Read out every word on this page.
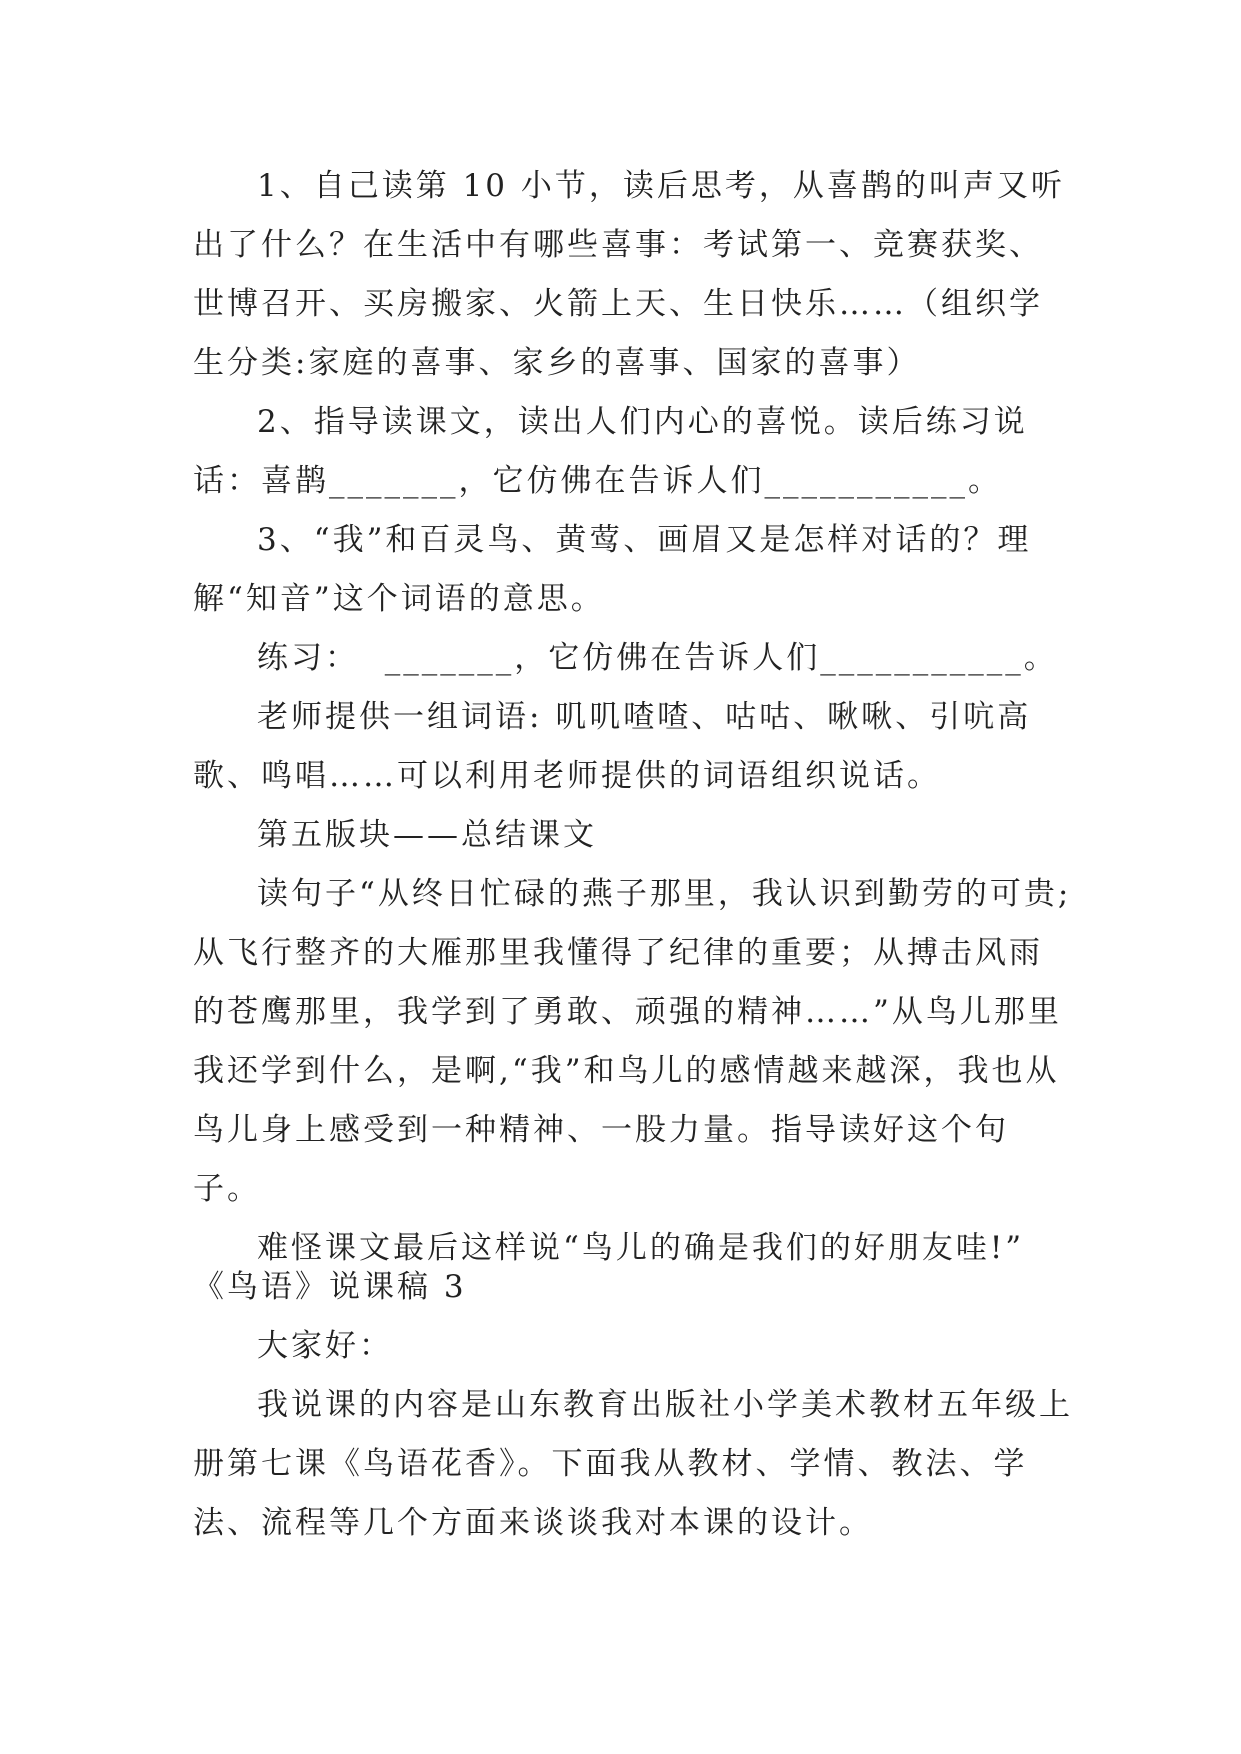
1、自己读第 10 小节，读后思考，从喜鹊的叫声又听出了什么？在生活中有哪些喜事：考试第一、竞赛获奖、世博召开、买房搬家、火箭上天、生日快乐……（组织学生分类:家庭的喜事、家乡的喜事、国家的喜事）

2、指导读课文，读出人们内心的喜悦。读后练习说话：喜鹊_______，它仿佛在告诉人们___________。

3、“我”和百灵鸟、黄莺、画眉又是怎样对话的？理解“知音”这个词语的意思。

练习：  _______，它仿佛在告诉人们___________。

老师提供一组词语: 叽叽喳喳、咕咕、啾啾、引吭高歌、鸣唱……可以利用老师提供的词语组织说话。

第五版块——总结课文

读句子“从终日忙碌的燕子那里，我认识到勤劳的可贵;从飞行整齐的大雁那里我懂得了纪律的重要；从搏击风雨的苍鹰那里，我学到了勇敢、顽强的精神……”从鸟儿那里我还学到什么，是啊,“我”和鸟儿的感情越来越深，我也从鸟儿身上感受到一种精神、一股力量。指导读好这个句子。

难怪课文最后这样说“鸟儿的确是我们的好朋友哇!”

《鸟语》说课稿 3

大家好：

我说课的内容是山东教育出版社小学美术教材五年级上册第七课《鸟语花香》。下面我从教材、学情、教法、学法、流程等几个方面来谈谈我对本课的设计。
